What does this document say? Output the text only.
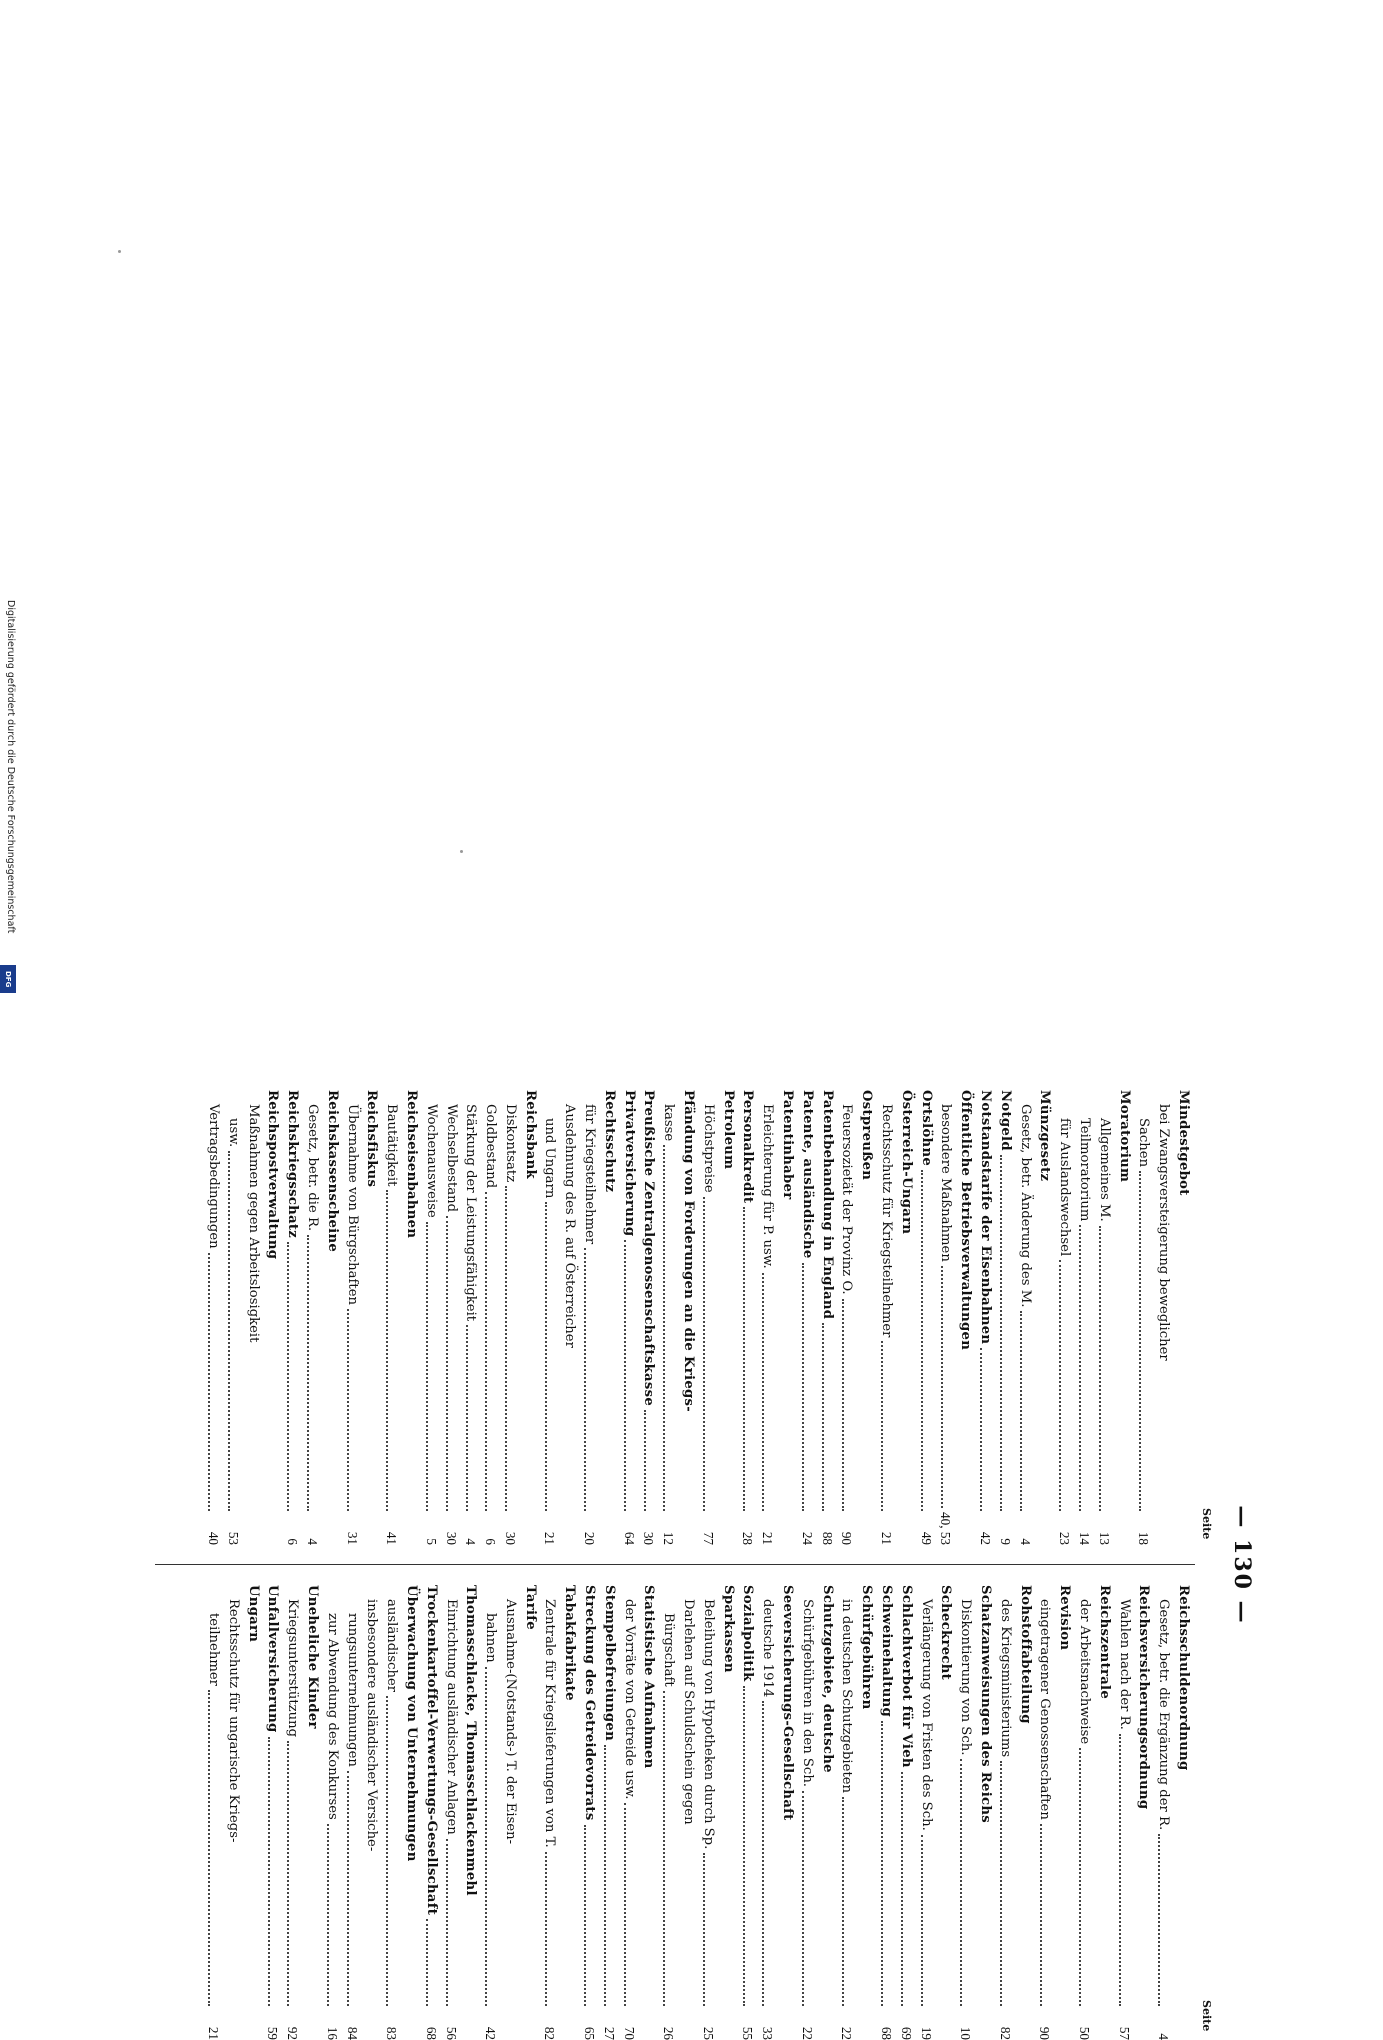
— 130 —
Seite
Seite
Mindestgebot
bei Zwangsversteigerung beweglicher
Sachen
18
Moratorium
Allgemeines M.
13
Teilmoratorium
14
für Auslandswechsel
23
Münzgesetz
Gesetz, betr. Änderung des M.
4
Notgeld
9
Notstandstarife der Eisenbahnen
42
Öffentliche Betriebsverwaltungen
besondere Maßnahmen
40, 53
Ortslöhne
49
Österreich-Ungarn
Rechtsschutz für Kriegsteilnehmer
21
Ostpreußen
Feuersozietät der Provinz O.
90
Patentbehandlung in England
88
Patente, ausländische
24
Patentinhaber
Erleichterung für P. usw.
21
Personalkredit
28
Petroleum
Höchstpreise
77
Pfändung von Forderungen an die Kriegs-
kasse
12
Preußische Zentralgenossenschaftskasse
30
Privatversicherung
64
Rechtsschutz
für Kriegsteilnehmer
20
Ausdehnung des R. auf Österreicher
und Ungarn
21
Reichsbank
Diskontsatz
30
Goldbestand
6
Stärkung der Leistungsfähigkeit
4
Wechselbestand
30
Wochenausweise
5
Reichseisenbahnen
Bautätigkeit
41
Reichsfiskus
Übernahme von Bürgschaften
31
Reichskassenscheine
Gesetz, betr. die R.
4
Reichskriegsschatz
6
Reichspostverwaltung
Maßnahmen gegen Arbeitslosigkeit
usw.
53
Vertragsbedingungen
40
Reichsschuldenordnung
Gesetz, betr. die Ergänzung der R.
4
Reichsversicherungsordnung
Wahlen nach der R.
57
Reichszentrale
der Arbeitsnachweise
50
Revision
eingetragener Genossenschaften
90
Rohstoffabteilung
des Kriegsministeriums
82
Schatzanweisungen des Reichs
Diskontierung von Sch.
10
Scheckrecht
Verlängerung von Fristen des Sch.
19
Schlachtverbot für Vieh
69
Schweinehaltung
68
Schürfgebühren
in deutschen Schutzgebieten
22
Schutzgebiete, deutsche
Schürfgebühren in den Sch.
22
Seeversicherungs-Gesellschaft
deutsche 1914
33
Sozialpolitik
55
Sparkassen
Beleihung von Hypotheken durch Sp.
25
Darlehen auf Schuldschein gegen
Bürgschaft
26
Statistische Aufnahmen
der Vorräte von Getreide usw.
70
Stempelbefreiungen
27
Streckung des Getreidevorrats
65
Tabakfabrikate
Zentrale für Kriegslieferungen von T.
82
Tarife
Ausnahme-(Notstands-) T. der Eisen-
bahnen
42
Thomasschlacke, Thomasschlackenmehl
Einrichtung ausländischer Anlagen
56
Trockenkartoffel-Verwertungs-Gesellschaft
68
Überwachung von Unternehmungen
ausländischer
83
insbesondere ausländischer Versiche-
rungsunternehmungen
84
zur Abwendung des Konkurses
16
Uneheliche Kinder
Kriegsunterstützung
92
Unfallversicherung
59
Ungarn
Rechtsschutz für ungarische Kriegs-
teilnehmer
21
Digitalisierung gefördert durch die Deutsche Forschungsgemeinschaft
DFG
